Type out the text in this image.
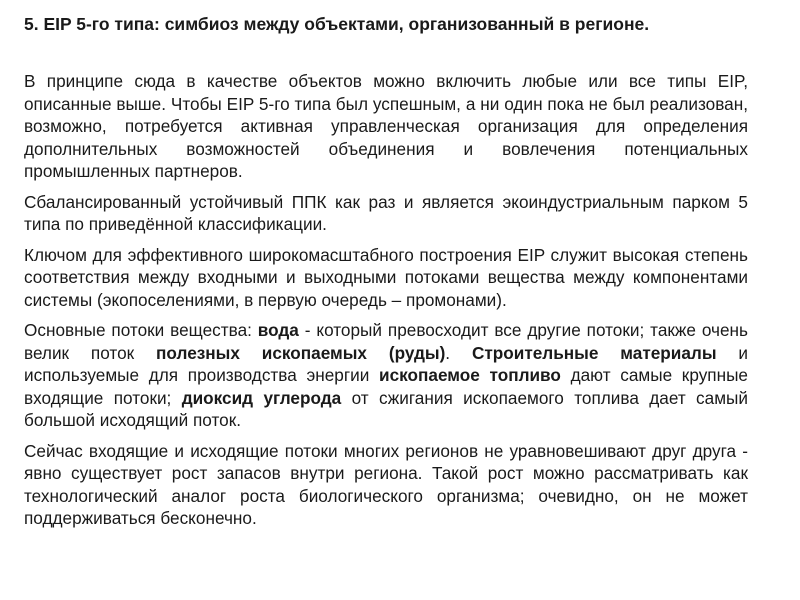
5. EIP 5-го типа: симбиоз между объектами, организованный в регионе.

В принципе сюда в качестве объектов можно включить любые или все типы EIP, описанные выше. Чтобы EIP 5-го типа был успешным, а ни один пока не был реализован, возможно, потребуется активная управленческая организация для определения дополнительных возможностей объединения и вовлечения потенциальных промышленных партнеров.

Сбалансированный устойчивый ППК как раз и является экоиндустриальным парком 5 типа по приведённой классификации.

Ключом для эффективного широкомасштабного построения EIP служит высокая степень соответствия между входными и выходными потоками вещества между компонентами системы (экопоселениями, в первую очередь – промонами).

Основные потоки вещества: вода - который превосходит все другие потоки; также очень велик поток полезных ископаемых (руды). Строительные материалы и используемые для производства энергии ископаемое топливо дают самые крупные входящие потоки; диоксид углерода от сжигания ископаемого топлива дает самый большой исходящий поток.

Сейчас входящие и исходящие потоки многих регионов не уравновешивают друг друга - явно существует рост запасов внутри региона. Такой рост можно рассматривать как технологический аналог роста биологического организма; очевидно, он не может поддерживаться бесконечно.
